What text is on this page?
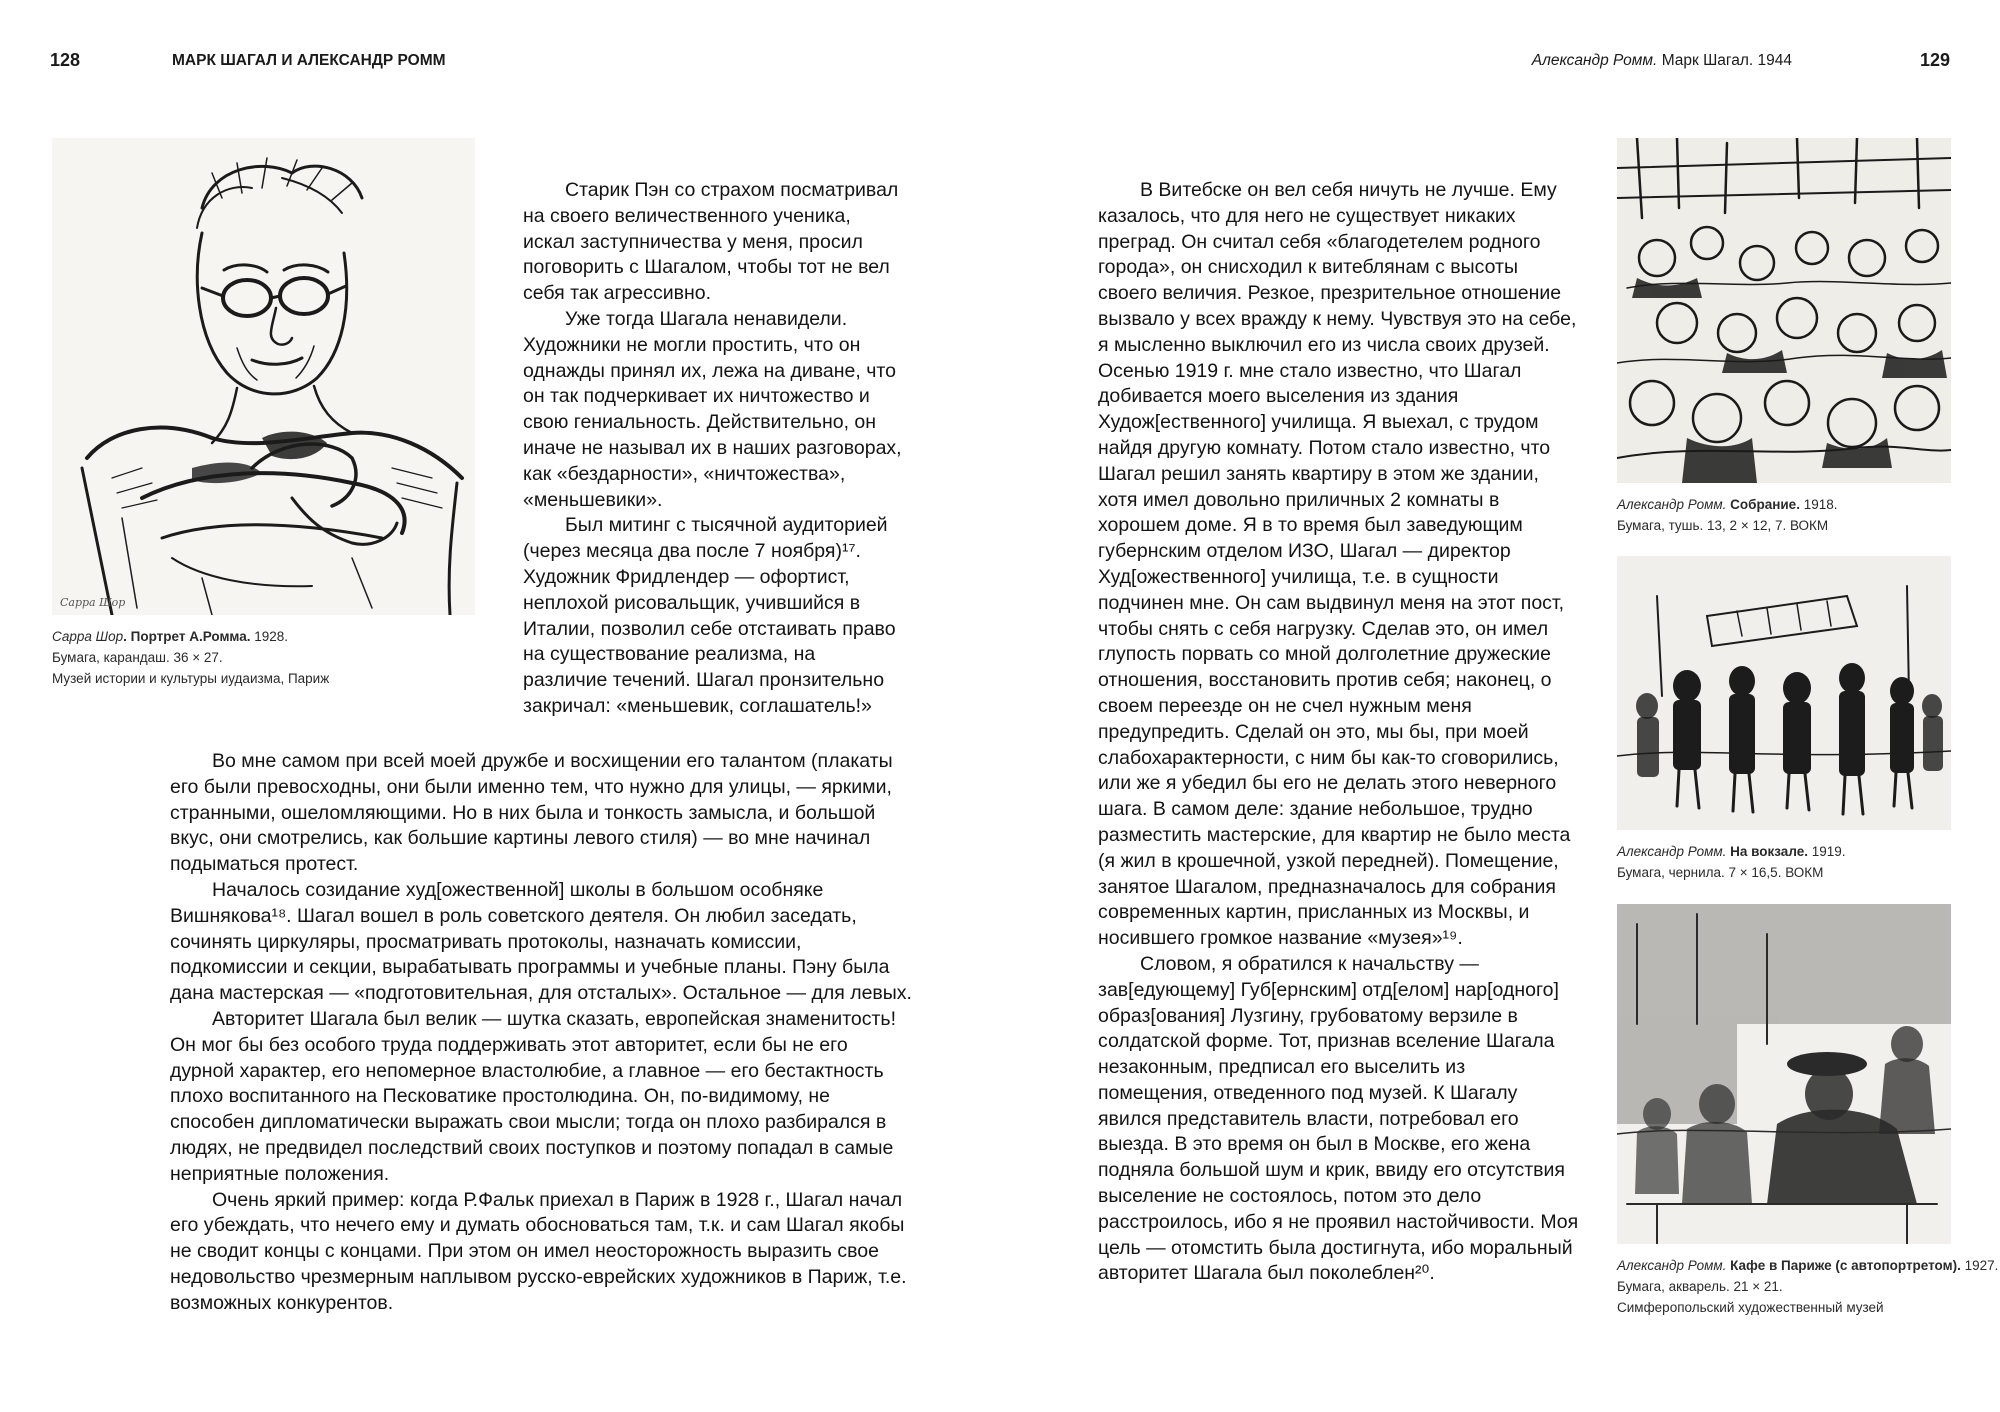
128	МАРК ШАГАЛ И АЛЕКСАНДР РОММ	Александр Ромм. Марк Шагал. 1944	129
Сарра Шор
Сарра Шор. Портрет А.Ромма. 1928.
Бумага, карандаш. 36 × 27.
Музей истории и культуры иудаизма, Париж

Старик Пэн со страхом посматривал на своего величественного ученика, искал заступничества у меня, просил поговорить с Шагалом, чтобы тот не вел себя так агрессивно.

Уже тогда Шагала ненавидели. Художники не могли простить, что он однажды принял их, лежа на диване, что он так подчеркивает их ничтожество и свою гениальность. Действительно, он иначе не называл их в наших разговорах, как «бездарности», «ничтожества», «меньшевики».

Был митинг с тысячной аудиторией (через месяца два после 7 ноября)¹⁷. Художник Фридлендер — офортист, неплохой рисовальщик, учившийся в Италии, позволил себе отстаивать право на существование реализма, на различие течений. Шагал пронзительно закричал: «меньшевик, соглашатель!»

Во мне самом при всей моей дружбе и восхищении его талантом (плакаты его были превосходны, они были именно тем, что нужно для улицы, — яркими, странными, ошеломляющими. Но в них была и тонкость замысла, и большой вкус, они смотрелись, как большие картины левого стиля) — во мне начинал подыматься протест.

Началось созидание худ[ожественной] школы в большом особняке Вишнякова¹⁸. Шагал вошел в роль советского деятеля. Он любил заседать, сочинять циркуляры, просматривать протоколы, назначать комиссии, подкомиссии и секции, вырабатывать программы и учебные планы. Пэну была дана мастерская — «подготовительная, для отсталых». Остальное — для левых.

Авторитет Шагала был велик — шутка сказать, европейская знаменитость! Он мог бы без особого труда поддерживать этот авторитет, если бы не его дурной характер, его непомерное властолюбие, а главное — его бестактность плохо воспитанного на Песковатике простолюдина. Он, по-видимому, не способен дипломатически выражать свои мысли; тогда он плохо разбирался в людях, не предвидел последствий своих поступков и поэтому попадал в самые неприятные положения.

Очень яркий пример: когда Р.Фальк приехал в Париж в 1928 г., Шагал начал его убеждать, что нечего ему и думать обосноваться там, т.к. и сам Шагал якобы не сводит концы с концами. При этом он имел неосторожность выразить свое недовольство чрезмерным наплывом русско-еврейских художников в Париж, т.е. возможных конкурентов.

В Витебске он вел себя ничуть не лучше. Ему казалось, что для него не существует никаких преград. Он считал себя «благодетелем родного города», он снисходил к витеблянам с высоты своего величия. Резкое, презрительное отношение вызвало у всех вражду к нему. Чувствуя это на себе, я мысленно выключил его из числа своих друзей. Осенью 1919 г. мне стало известно, что Шагал добивается моего выселения из здания Худож[ественного] училища. Я выехал, с трудом найдя другую комнату. Потом стало известно, что Шагал решил занять квартиру в этом же здании, хотя имел довольно приличных 2 комнаты в хорошем доме. Я в то время был заведующим губернским отделом ИЗО, Шагал — директор Худ[ожественного] училища, т.е. в сущности подчинен мне. Он сам выдвинул меня на этот пост, чтобы снять с себя нагрузку. Сделав это, он имел глупость порвать со мной долголетние дружеские отношения, восстановить против себя; наконец, о своем переезде он не счел нужным меня предупредить. Сделай он это, мы бы, при моей слабохарактерности, с ним бы как-то сговорились, или же я убедил бы его не делать этого неверного шага. В самом деле: здание небольшое, трудно разместить мастерские, для квартир не было места (я жил в крошечной, узкой передней). Помещение, занятое Шагалом, предназначалось для собрания современных картин, присланных из Москвы, и носившего громкое название «музея»¹⁹.

Словом, я обратился к начальству — зав[едующему] Губ[ернским] отд[елом] нар[одного] образ[ования] Лузгину, грубоватому верзиле в солдатской форме. Тот, признав вселение Шагала незаконным, предписал его выселить из помещения, отведенного под музей. К Шагалу явился представитель власти, потребовал его выезда. В это время он был в Москве, его жена подняла большой шум и крик, ввиду его отсутствия выселение не состоялось, потом это дело расстроилось, ибо я не проявил настойчивости. Моя цель — отомстить была достигнута, ибо моральный авторитет Шагала был поколеблен²⁰.

Александр Ромм. Собрание. 1918.
Бумага, тушь. 13, 2 × 12, 7. ВОКМ
Александр Ромм. На вокзале. 1919.
Бумага, чернила. 7 × 16,5. ВОКМ
Александр Ромм. Кафе в Париже (с автопортретом). 1927.
Бумага, акварель. 21 × 21.
Симферопольский художественный музей
